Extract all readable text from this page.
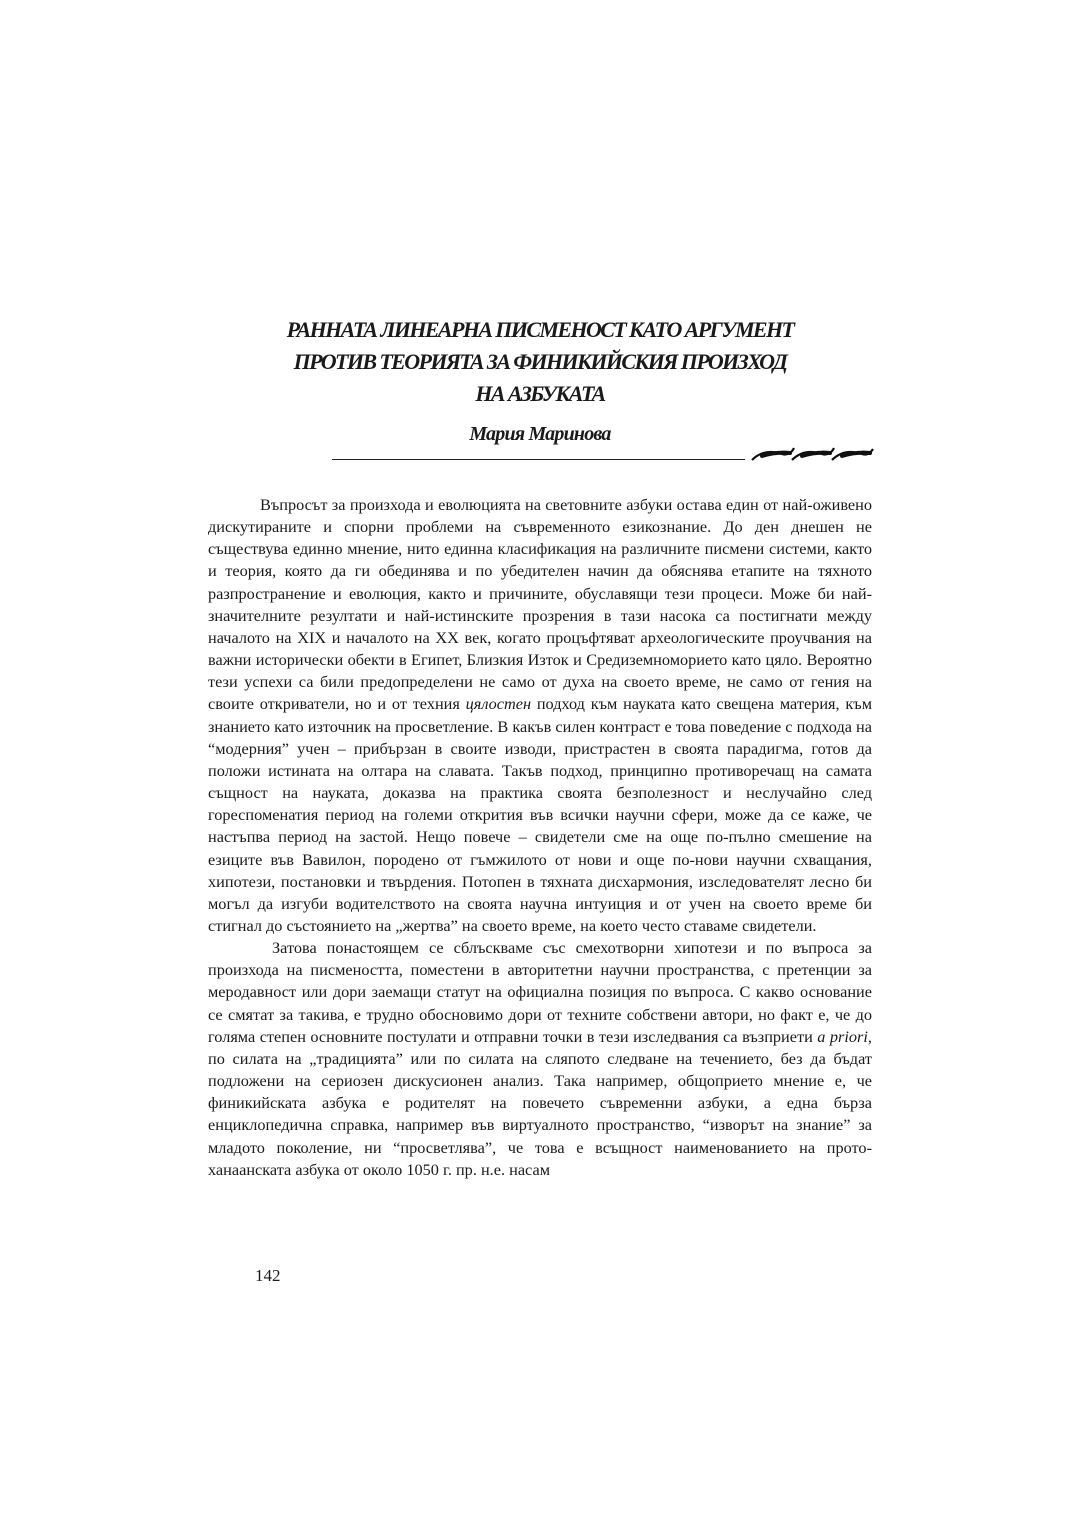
РАННАТА ЛИНЕАРНА ПИСМЕНОСТ КАТО АРГУМЕНТ
ПРОТИВ ТЕОРИЯТА ЗА ФИНИКИЙСКИЯ ПРОИЗХОД
НА АЗБУКАТА

Мария Маринова

Въпросът за произхода и еволюцията на световните азбуки остава един от най-оживено дискутираните и спорни проблеми на съвременното езикознание. До ден днешен не съществува единно мнение, нито единна класификация на различните писмени системи, както и теория, която да ги обединява и по убедителен начин да обяснява етапите на тяхното разпространение и еволюция, както и причините, обуславящи тези процеси. Може би най-значителните резултати и най-истинските прозрения в тази насока са постигнати между началото на XIX и началото на XX век, когато процъфтяват археологическите проучвания на важни исторически обекти в Египет, Близкия Изток и Средиземноморието като цяло. Вероятно тези успехи са били предопределени не само от духа на своето време, не само от гения на своите откриватели, но и от техния цялостен подход към науката като свещена материя, към знанието като източник на просветление. В какъв силен контраст е това поведение с подхода на “модерния” учен – прибързан в своите изводи, пристрастен в своята парадигма, готов да положи истината на олтара на славата. Такъв подход, принципно противоречащ на самата същност на науката, доказва на практика своята безполезност и неслучайно след гореспоменатия период на големи открития във всички научни сфери, може да се каже, че настъпва период на застой. Нещо повече – свидетели сме на още по-пълно смешение на езиците във Вавилон, породено от гъмжилото от нови и още по-нови научни схващания, хипотези, постановки и твърдения. Потопен в тяхната дисхармония, изследователят лесно би могъл да изгуби водителството на своята научна интуиция и от учен на своето време би стигнал до състоянието на „жертва” на своето време, на което често ставаме свидетели.

Затова понастоящем се сблъскваме със смехотворни хипотези и по въпроса за произхода на писмеността, поместени в авторитетни научни пространства, с претенции за меродавност или дори заемащи статут на официална позиция по въпроса. С какво основание се смятат за такива, е трудно обосновимо дори от техните собствени автори, но факт е, че до голяма степен основните постулати и отправни точки в тези изследвания са възприети a priori, по силата на „традицията” или по силата на сляпото следване на течението, без да бъдат подложени на сериозен дискусионен анализ. Така например, общоприето мнение е, че финикийската азбука е родителят на повечето съвременни азбуки, а една бърза енциклопедична справка, например във виртуалното пространство, “изворът на знание” за младото поколение, ни “просветлява”, че това е всъщност наименованието на прото-ханаанската азбука от около 1050 г. пр. н.е. насам

142
